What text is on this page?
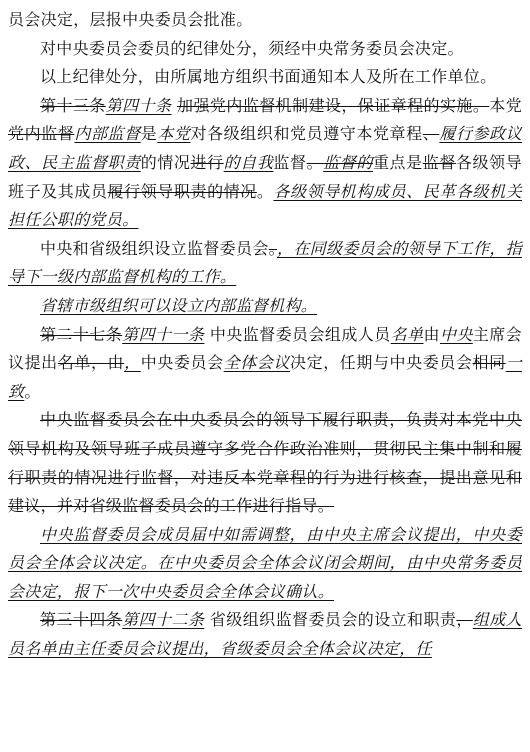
员会决定，层报中央委员会批准。

对中央委员会委员的纪律处分，须经中央常务委员会决定。

以上纪律处分，由所属地方组织书面通知本人及所在工作单位。

第十三条第四十条 加强党内监督机制建设，保证章程的实施。本党党内监督内部监督是本党对各级组织和党员遵守本党章程、履行参政议政、民主监督职责的情况进行的自我监督。监督的重点是监督各级领导班子及其成员履行领导职责的情况。各级领导机构成员、民革各级机关担任公职的党员。

中央和省级组织设立监督委员会。，在同级委员会的领导下工作，指导下一级内部监督机构的工作。

省辖市级组织可以设立内部监督机构。

第二十七条第四十一条 中央监督委员会组成人员名单由中央主席会议提出名单，由，中央委员会全体会议决定，任期与中央委员会相同一致。

中央监督委员会在中央委员会的领导下履行职责，负责对本党中央领导机构及领导班子成员遵守多党合作政治准则，贯彻民主集中制和履行职责的情况进行监督，对违反本党章程的行为进行核查，提出意见和建议，并对省级监督委员会的工作进行指导。

中央监督委员会成员届中如需调整，由中央主席会议提出，中央委员会全体会议决定。在中央委员会全体会议闭会期间，由中央常务委员会决定，报下一次中央委员会全体会议确认。

第三十四条第四十二条 省级组织监督委员会的设立和职责，组成人员名单由主任委员会议提出，省级委员会全体会议决定，任
